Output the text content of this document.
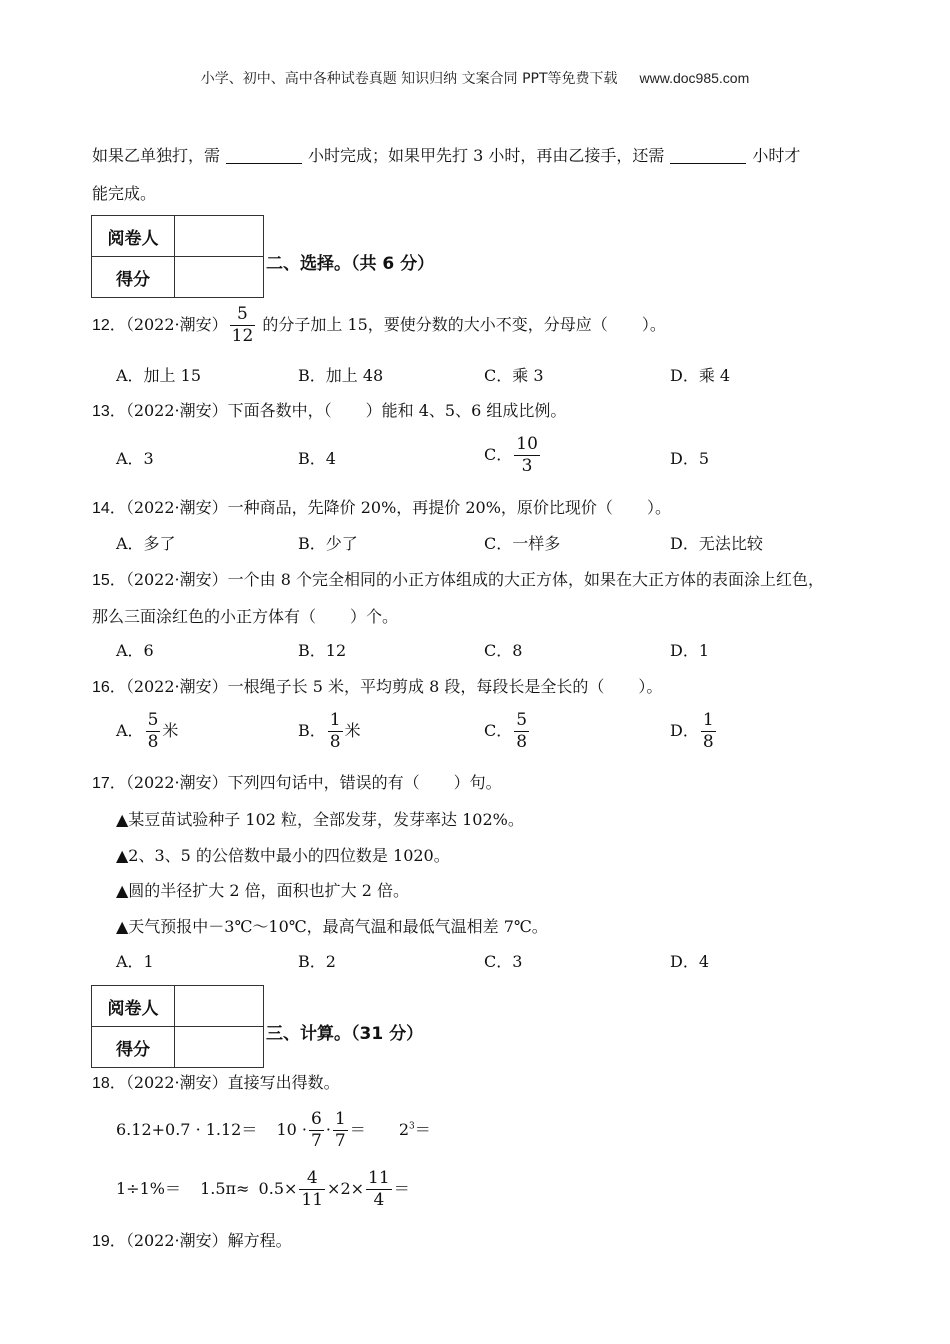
小学、初中、高中各种试卷真题 知识归纳 文案合同 PPT等免费下载 www.doc985.com
如果乙单独打，需	小时完成；如果甲先打 3 小时，再由乙接手，还需	小时才
能完成。
阅卷人	
得分	
二、选择。（共 6 分）
12．（2022·潮安） $\frac{5}{12}$ 的分子加上 15，要使分数的大小不变，分母应（ ）。
A．加上 15	B．加上 48	C．乘 3	D．乘 4
13．（2022·潮安）下面各数中，（ ）能和 4、5、6 组成比例。
A．3	B．4	C． $\frac{10}{3}$	D．5
14．（2022·潮安）一种商品，先降价 20%，再提价 20%，原价比现价（ ）。
A．多了	B．少了	C．一样多	D．无法比较
15．（2022·潮安）一个由 8 个完全相同的小正方体组成的大正方体，如果在大正方体的表面涂上红色，
那么三面涂红色的小正方体有（ ）个。
A．6	B．12	C．8	D．1
16．（2022·潮安）一根绳子长 5 米，平均剪成 8 段，每段长是全长的（ ）。
A． $\frac{5}{8}$ 米	B． $\frac{1}{8}$ 米	C． $\frac{5}{8}$	D． $\frac{1}{8}$
17．（2022·潮安）下列四句话中，错误的有（ ）句。
▲某豆苗试验种子 102 粒，全部发芽，发芽率达 102%。
▲2、3、5 的公倍数中最小的四位数是 1020。
▲圆的半径扩大 2 倍，面积也扩大 2 倍。
▲天气预报中－3℃～10℃，最高气温和最低气温相差 7℃。
A．1	B．2	C．3	D．4
阅卷人	
得分	
三、计算。（31 分）
18．（2022·潮安）直接写出得数。
$6.12+0.7 \cdot 1.12= 10 \cdot \frac{6}{7} \cdot \frac{1}{7} = 2^3=$
$1\div 1\%= 1.5\pi\approx 0.5\times \frac{4}{11} \times 2\times \frac{11}{4}$ ＝
19．（2022·潮安）解方程。
